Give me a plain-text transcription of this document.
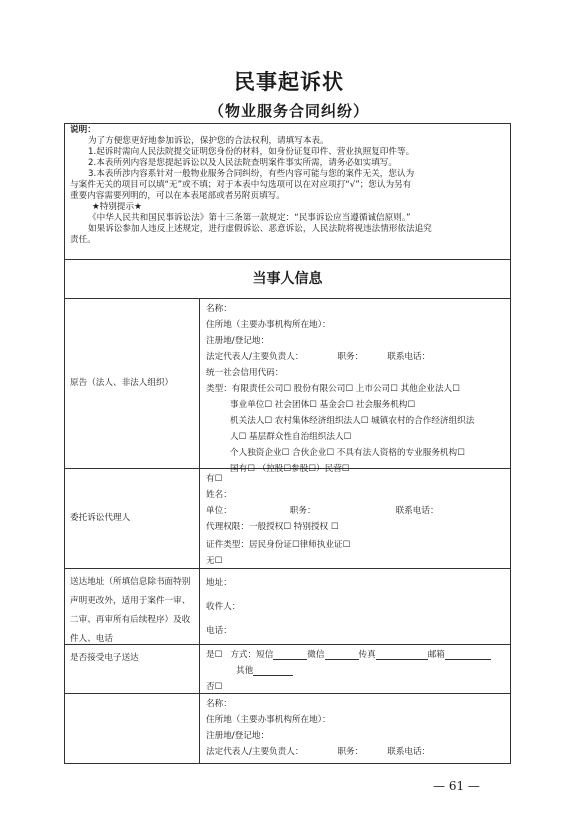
民事起诉状
（物业服务合同纠纷）

说明：

为了方便您更好地参加诉讼，保护您的合法权利，请填写本表。

1.起诉时需向人民法院提交证明您身份的材料，如身份证复印件、营业执照复印件等。

2.本表所列内容是您提起诉讼以及人民法院查明案件事实所需，请务必如实填写。

3.本表所涉内容系针对一般物业服务合同纠纷，有些内容可能与您的案件无关，您认为

与案件无关的项目可以填“无”或不填；对于本表中勾选项可以在对应项打“√”；您认为另有

重要内容需要列明的，可以在本表尾部或者另附页填写。

★特别提示★

《中华人民共和国民事诉讼法》第十三条第一款规定：“民事诉讼应当遵循诚信原则。”

如果诉讼参加人违反上述规定，进行虚假诉讼、恶意诉讼，人民法院将视违法情形依法追究

责任。

当事人信息
原告（法人、非法人组织）
名称：
住所地（主要办事机构所在地）：
注册地/登记地：
法定代表人/主要负责人：	职务：	联系电话：
统一社会信用代码：
类型：有限责任公司☐ 股份有限公司☐ 上市公司☐ 其他企业法人☐
事业单位☐ 社会团体☐ 基金会☐ 社会服务机构☐
机关法人☐ 农村集体经济组织法人☐ 城镇农村的合作经济组织法
人☐ 基层群众性自治组织法人☐
个人独资企业☐ 合伙企业☐ 不具有法人资格的专业服务机构☐
国有☐ （控股☐参股☐）民营☐
委托诉讼代理人
有☐
姓名：
单位：	职务：	联系电话：
代理权限：一般授权☐ 特别授权 ☐
证件类型：居民身份证☐律师执业证☐
无☐
送达地址（所填信息除书面特别
声明更改外，适用于案件一审、
二审、再审所有后续程序）及收
件人、电话
地址：
收件人：
电话：
是否接受电子送达	是☐ 方式：短信	微信	传真	邮箱
其他
否☐
名称：
住所地（主要办事机构所在地）：
注册地/登记地：
法定代表人/主要负责人：	职务：	联系电话：
— 61 —
